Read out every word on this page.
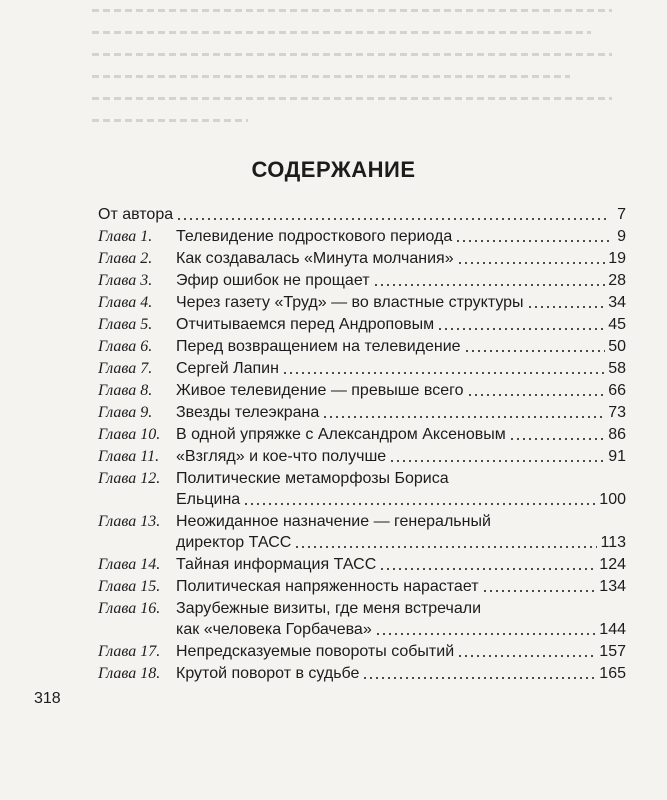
СОДЕРЖАНИЕ
От автора	7
Глава 1.	Телевидение подросткового периода	9
Глава 2.	Как создавалась «Минута молчания»	19
Глава 3.	Эфир ошибок не прощает	28
Глава 4.	Через газету «Труд» — во властные структуры	34
Глава 5.	Отчитываемся перед Андроповым	45
Глава 6.	Перед возвращением на телевидение	50
Глава 7.	Сергей Лапин	58
Глава 8.	Живое телевидение — превыше всего	66
Глава 9.	Звезды телеэкрана	73
Глава 10. В одной упряжке с Александром Аксеновым	86
Глава 11.	«Взгляд» и кое-что получше	91
Глава 12. Политические метаморфозы Бориса
Ельцина	100
Глава 13. Неожиданное назначение — генеральный
директор ТАСС	113
Глава 14. Тайная информация ТАСС	124
Глава 15. Политическая напряженность нарастает	134
Глава 16. Зарубежные визиты, где меня встречали
как «человека Горбачева»	144
Глава 17. Непредсказуемые повороты событий	157
Глава 18. Крутой поворот в судьбе	165
318
